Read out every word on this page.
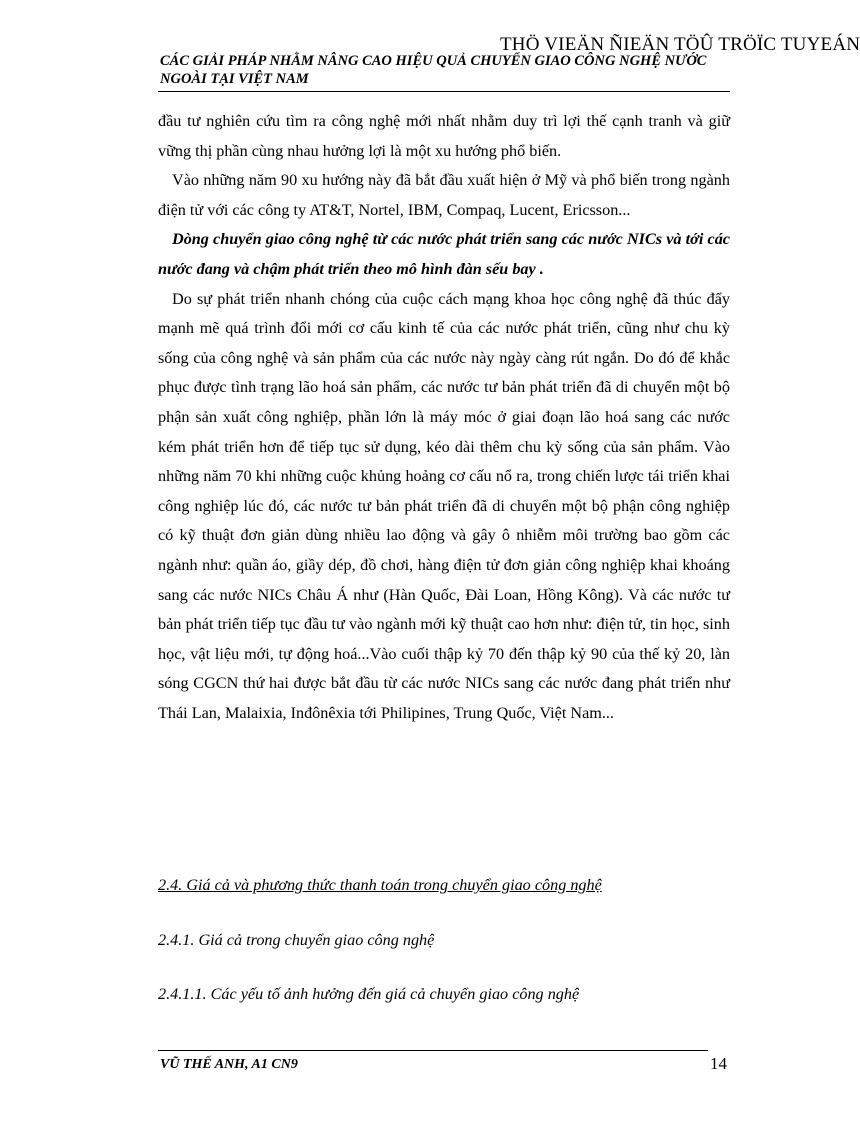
THÖ VIEÄN ÑIEÄN TÖÛ TRÖÏC TUYEÁN
CÁC GIẢI PHÁP NHẰM NÂNG CAO HIỆU QUẢ CHUYỂN GIAO CÔNG NGHỆ NƯỚC NGOÀI TẠI VIỆT NAM

đầu tư nghiên cứu tìm ra công nghệ mới nhất nhằm duy trì lợi thế cạnh tranh và giữ vững thị phần cùng nhau hưởng lợi là một xu hướng phổ biến.

Vào những năm 90 xu hướng này đã bắt đầu xuất hiện ở Mỹ và phổ biến trong ngành điện tử với các công ty AT&T, Nortel, IBM, Compaq, Lucent, Ericsson...

Dòng chuyển giao công nghệ từ các nước phát triển sang các nước NICs và tới các nước đang và chậm phát triển theo mô hình đàn sếu bay .

Do sự phát triển nhanh chóng của cuộc cách mạng khoa học công nghệ đã thúc đẩy mạnh mẽ quá trình đổi mới cơ cấu kinh tế của các nước phát triển, cũng như chu kỳ sống của công nghệ và sản phẩm của các nước này ngày càng rút ngắn. Do đó để khắc phục được tình trạng lão hoá sản phẩm, các nước tư bản phát triển đã di chuyển một bộ phận sản xuất công nghiệp, phần lớn là máy móc ở giai đoạn lão hoá sang các nước kém phát triển hơn để tiếp tục sử dụng, kéo dài thêm chu kỳ sống của sản phẩm. Vào những năm 70 khi những cuộc khủng hoảng cơ cấu nổ ra, trong chiến lược tái triển khai công nghiệp lúc đó, các nước tư bản phát triển đã di chuyển một bộ phận công nghiệp có kỹ thuật đơn giản dùng nhiều lao động và gây ô nhiễm môi trường bao gồm các ngành như: quần áo, giầy dép, đồ chơi, hàng điện tử đơn giản công nghiệp khai khoáng sang các nước NICs Châu Á như (Hàn Quốc, Đài Loan, Hồng Kông). Và các nước tư bản phát triển tiếp tục đầu tư vào ngành mới kỹ thuật cao hơn như: điện tử, tin học, sinh học, vật liệu mới, tự động hoá...Vào cuối thập kỷ 70 đến thập kỷ 90 của thế kỷ 20, làn sóng CGCN thứ hai được bắt đầu từ các nước NICs sang các nước đang phát triển như Thái Lan, Malaixia, Inđônêxia tới Philipines, Trung Quốc, Việt Nam...

2.4. Giá cả và phương thức thanh toán trong chuyển giao công nghệ
2.4.1. Giá cả trong chuyển giao công nghệ
2.4.1.1. Các yếu tố ảnh hưởng đến giá cả chuyển giao công nghệ
VŨ THẾ ANH, A1 CN9	14
